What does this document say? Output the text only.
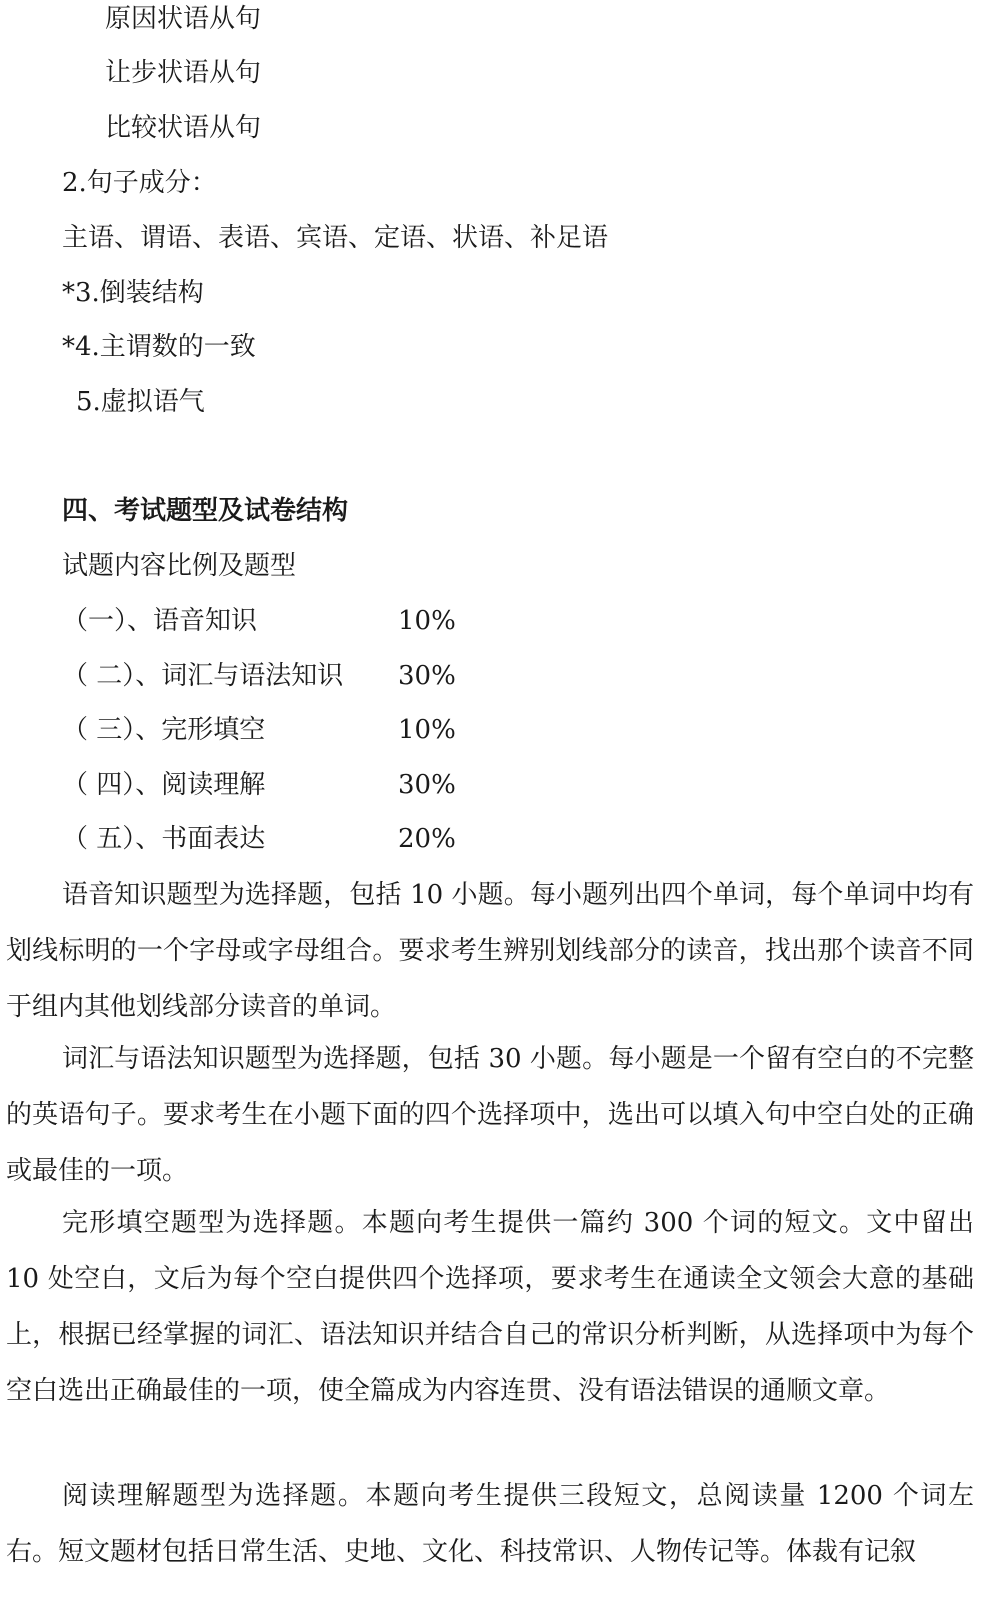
原因状语从句
让步状语从句
比较状语从句
2.句子成分：
主语、谓语、表语、宾语、定语、状语、补足语
*3.倒装结构
*4.主谓数的一致
5.虚拟语气
四、考试题型及试卷结构
试题内容比例及题型
（一）、语音知识	10%
（ 二）、词汇与语法知识 30%
（ 三）、完形填空	10%
（ 四）、阅读理解	30%
（ 五）、书面表达	20%
语音知识题型为选择题，包括 10 小题。每小题列出四个单词，每个单词中均有划线标明的一个字母或字母组合。要求考生辨别划线部分的读音，找出那个读音不同于组内其他划线部分读音的单词。
词汇与语法知识题型为选择题，包括 30 小题。每小题是一个留有空白的不完整的英语句子。要求考生在小题下面的四个选择项中，选出可以填入句中空白处的正确或最佳的一项。
完形填空题型为选择题。本题向考生提供一篇约 300 个词的短文。文中留出 10 处空白，文后为每个空白提供四个选择项，要求考生在通读全文领会大意的基础上，根据已经掌握的词汇、语法知识并结合自己的常识分析判断，从选择项中为每个空白选出正确最佳的一项，使全篇成为内容连贯、没有语法错误的通顺文章。
阅读理解题型为选择题。本题向考生提供三段短文，总阅读量 1200 个词左右。短文题材包括日常生活、史地、文化、科技常识、人物传记等。体裁有记叙
